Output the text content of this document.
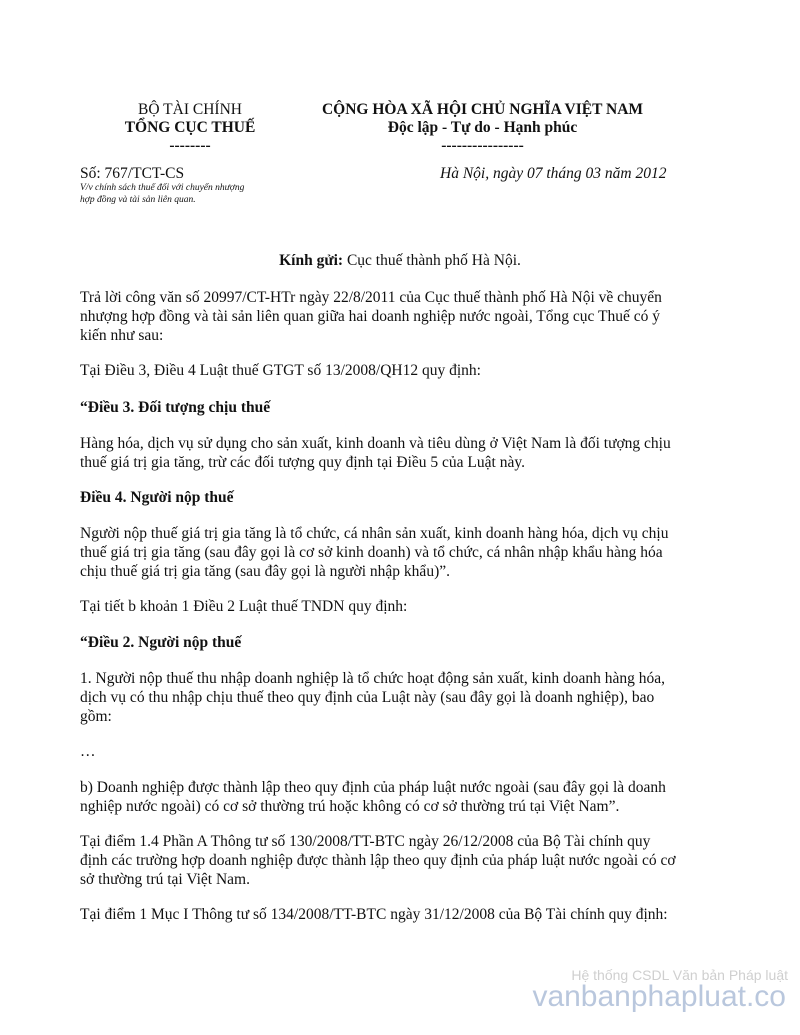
BỘ TÀI CHÍNH
TỔNG CỤC THUẾ
--------
CỘNG HÒA XÃ HỘI CHỦ NGHĨA VIỆT NAM
Độc lập - Tự do - Hạnh phúc
----------------
Số: 767/TCT-CS
V/v chính sách thuế đối với chuyển nhượng
hợp đồng và tài sản liên quan.
Hà Nội, ngày 07 tháng 03 năm 2012
Kính gửi: Cục thuế thành phố Hà Nội.
Trả lời công văn số 20997/CT-HTr ngày 22/8/2011 của Cục thuế thành phố Hà Nội về chuyển
nhượng hợp đồng và tài sản liên quan giữa hai doanh nghiệp nước ngoài, Tổng cục Thuế có ý
kiến như sau:
Tại Điều 3, Điều 4 Luật thuế GTGT số 13/2008/QH12 quy định:
“Điều 3. Đối tượng chịu thuế
Hàng hóa, dịch vụ sử dụng cho sản xuất, kinh doanh và tiêu dùng ở Việt Nam là đối tượng chịu
thuế giá trị gia tăng, trừ các đối tượng quy định tại Điều 5 của Luật này.
Điều 4. Người nộp thuế
Người nộp thuế giá trị gia tăng là tổ chức, cá nhân sản xuất, kinh doanh hàng hóa, dịch vụ chịu
thuế giá trị gia tăng (sau đây gọi là cơ sở kinh doanh) và tổ chức, cá nhân nhập khẩu hàng hóa
chịu thuế giá trị gia tăng (sau đây gọi là người nhập khẩu)”.
Tại tiết b khoản 1 Điều 2 Luật thuế TNDN quy định:
“Điều 2. Người nộp thuế
1. Người nộp thuế thu nhập doanh nghiệp là tổ chức hoạt động sản xuất, kinh doanh hàng hóa,
dịch vụ có thu nhập chịu thuế theo quy định của Luật này (sau đây gọi là doanh nghiệp), bao
gồm:
…
b) Doanh nghiệp được thành lập theo quy định của pháp luật nước ngoài (sau đây gọi là doanh
nghiệp nước ngoài) có cơ sở thường trú hoặc không có cơ sở thường trú tại Việt Nam”.
Tại điểm 1.4 Phần A Thông tư số 130/2008/TT-BTC ngày 26/12/2008 của Bộ Tài chính quy
định các trường hợp doanh nghiệp được thành lập theo quy định của pháp luật nước ngoài có cơ
sở thường trú tại Việt Nam.
Tại điểm 1 Mục I Thông tư số 134/2008/TT-BTC ngày 31/12/2008 của Bộ Tài chính quy định:
Hệ thống CSDL Văn bản Pháp luật
vanbanphapluat.co
